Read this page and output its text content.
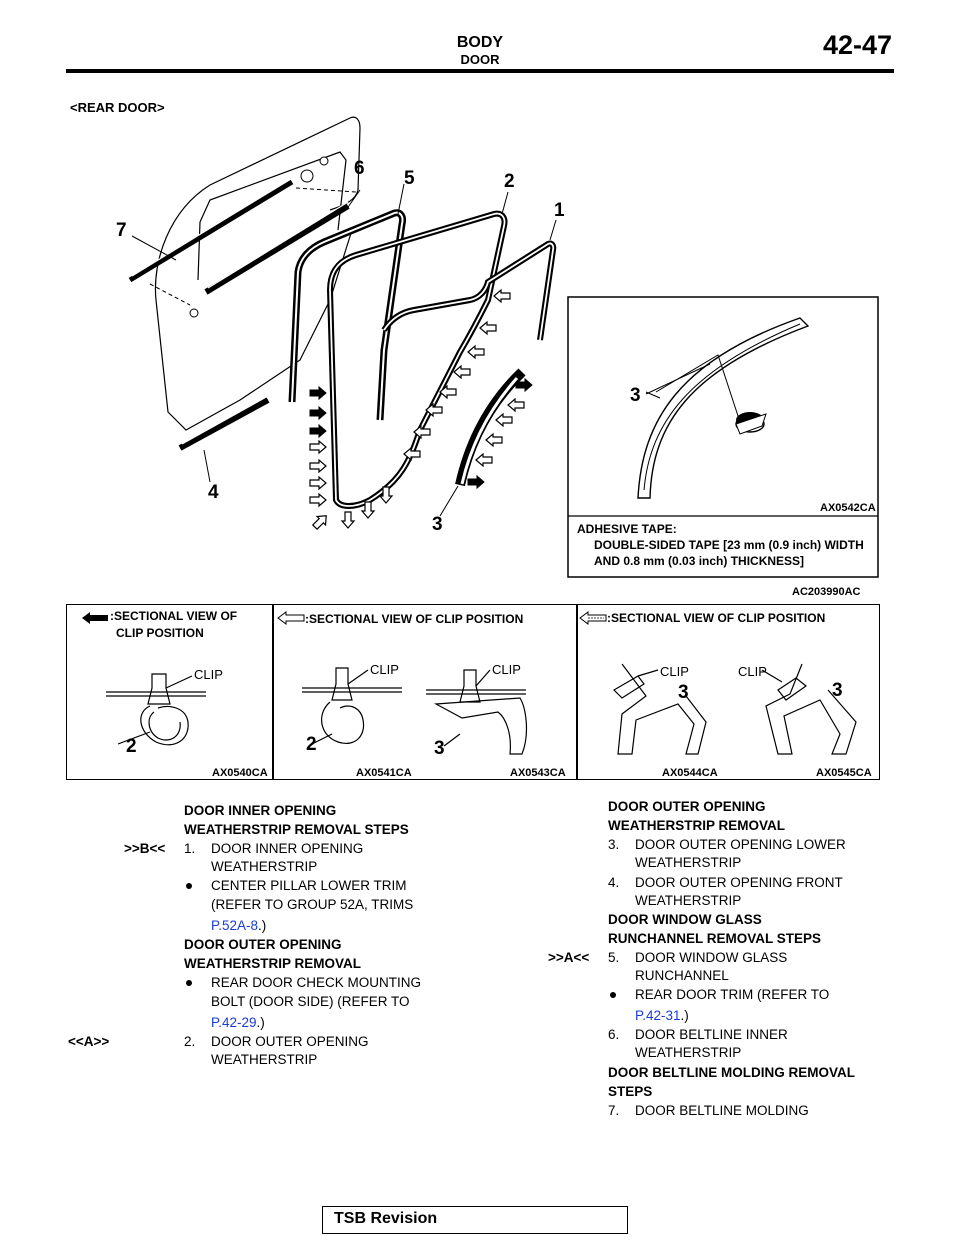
BODY
DOOR	42-47
<REAR DOOR>
7
6 5	2
1
4
3
3
AX0542CA
ADHESIVE TAPE:
DOUBLE-SIDED TAPE [23 mm (0.9 inch) WIDTH
AND 0.8 mm (0.03 inch) THICKNESS]
AC203990AC
:SECTIONAL VIEW OF
CLIP POSITION
:SECTIONAL VIEW OF CLIP POSITION	:SECTIONAL VIEW OF CLIP POSITION
CLIP	CLIP	CLIP	CLIP	CLIP
2	2	3
3	3
AX0540CA	AX0541CA	AX0543CA	AX0544CA	AX0545CA
DOOR INNER OPENING
WEATHERSTRIP REMOVAL STEPS
>>B<< 1. DOOR INNER OPENING
WEATHERSTRIP
CENTER PILLAR LOWER TRIM
(REFER TO GROUP 52A, TRIMS
P.52A-8.)
DOOR OUTER OPENING
WEATHERSTRIP REMOVAL
REAR DOOR CHECK MOUNTING
BOLT (DOOR SIDE) (REFER TO
P.42-29.)
<<A>>	2. DOOR OUTER OPENING
WEATHERSTRIP
DOOR OUTER OPENING
WEATHERSTRIP REMOVAL
3. DOOR OUTER OPENING LOWER
WEATHERSTRIP
4. DOOR OUTER OPENING FRONT
WEATHERSTRIP
DOOR WINDOW GLASS
RUNCHANNEL REMOVAL STEPS
>>A<< 5. DOOR WINDOW GLASS
RUNCHANNEL
REAR DOOR TRIM (REFER TO
P.42-31.)
6. DOOR BELTLINE INNER
WEATHERSTRIP
DOOR BELTLINE MOLDING REMOVAL
STEPS
7. DOOR BELTLINE MOLDING
TSB Revision
